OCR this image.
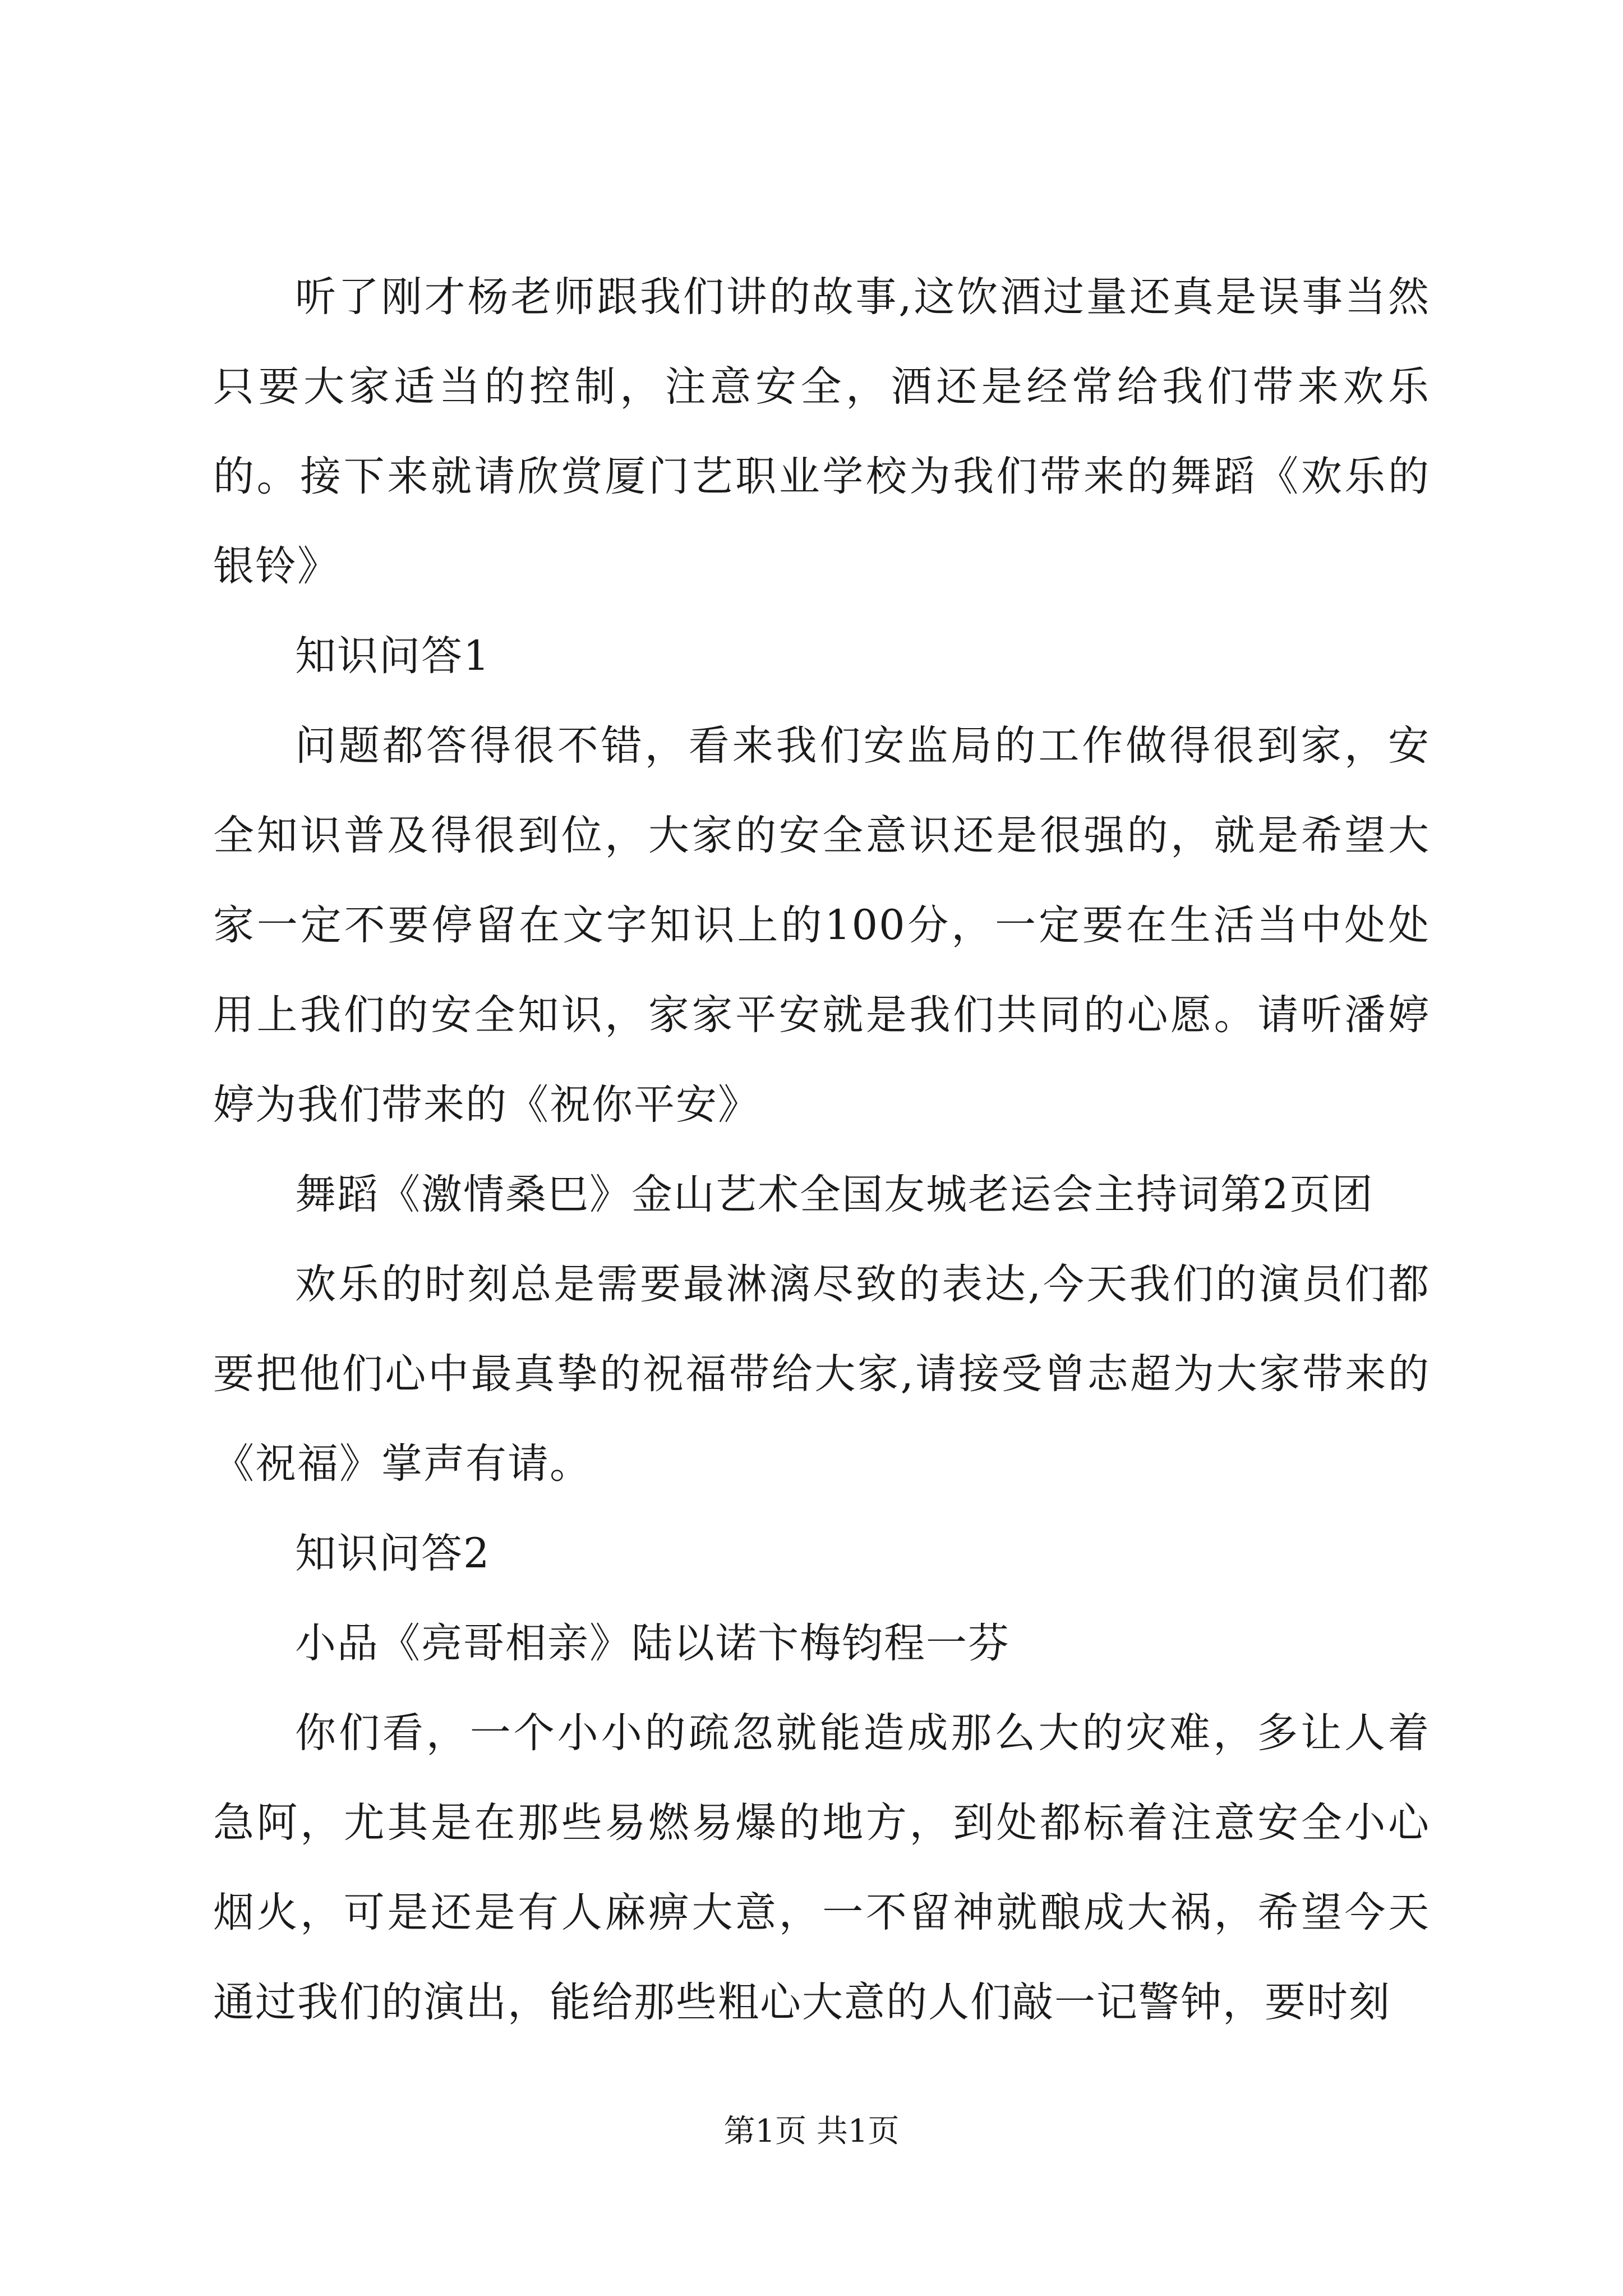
听了刚才杨老师跟我们讲的故事,这饮酒过量还真是误事当然只要大家适当的控制，注意安全，酒还是经常给我们带来欢乐的。接下来就请欣赏厦门艺职业学校为我们带来的舞蹈《欢乐的银铃》

知识问答1

问题都答得很不错，看来我们安监局的工作做得很到家，安全知识普及得很到位，大家的安全意识还是很强的，就是希望大家一定不要停留在文字知识上的100分，一定要在生活当中处处用上我们的安全知识，家家平安就是我们共同的心愿。请听潘婷婷为我们带来的《祝你平安》

舞蹈《激情桑巴》金山艺术全国友城老运会主持词第2页团

欢乐的时刻总是需要最淋漓尽致的表达,今天我们的演员们都要把他们心中最真挚的祝福带给大家,请接受曾志超为大家带来的《祝福》掌声有请。

知识问答2

小品《亮哥相亲》陆以诺卞梅钧程一芬

你们看，一个小小的疏忽就能造成那么大的灾难，多让人着急阿，尤其是在那些易燃易爆的地方，到处都标着注意安全小心烟火，可是还是有人麻痹大意，一不留神就酿成大祸，希望今天通过我们的演出，能给那些粗心大意的人们敲一记警钟，要时刻

第1页 共1页
